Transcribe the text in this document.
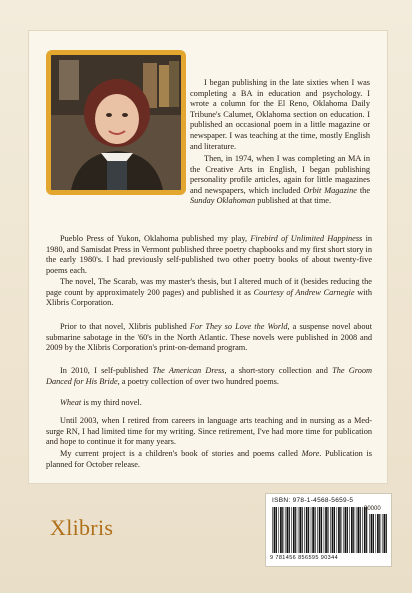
I began publishing in the late sixties when I was completing a BA in education and psychology. I wrote a column for the El Reno, Oklahoma Daily Tribune's Calumet, Oklahoma section on education. I published an occasional poem in a little magazine or newspaper. I was teaching at the time, mostly English and literature.

Then, in 1974, when I was completing an MA in the Creative Arts in English, I began publishing personality profile articles, again for little magazines and newspapers, which included Orbit Magazine the Sunday Oklahoman published at that time.

Pueblo Press of Yukon, Oklahoma published my play, Firebird of Unlimited Happiness in 1980, and Samisdat Press in Vermont published three poetry chapbooks and my first short story in the early 1980's. I had previously self-published two other poetry books of about twenty-five poems each.

The novel, The Scarab, was my master's thesis, but I altered much of it (besides reducing the page count by approximately 200 pages) and published it as Courtesy of Andrew Carnegie with Xlibris Corporation.

Prior to that novel, Xlibris published For They so Love the World, a suspense novel about submarine sabotage in the '60's in the North Atlantic. These novels were published in 2008 and 2009 by the Xlibris Corporation's print-on-demand program.

In 2010, I self-published The American Dress, a short-story collection and The Groom Danced for His Bride, a poetry collection of over two hundred poems.

Wheat is my third novel.

Until 2003, when I retired from careers in language arts teaching and in nursing as a Med-surge RN, I had limited time for my writing. Since retirement, I've had more time for publication and hope to continue it for many years.

My current project is a children's book of stories and poems called More. Publication is planned for October release.

Xlibris
ISBN: 978-1-4568-5659-5
90000
9 781456 856595 90344
